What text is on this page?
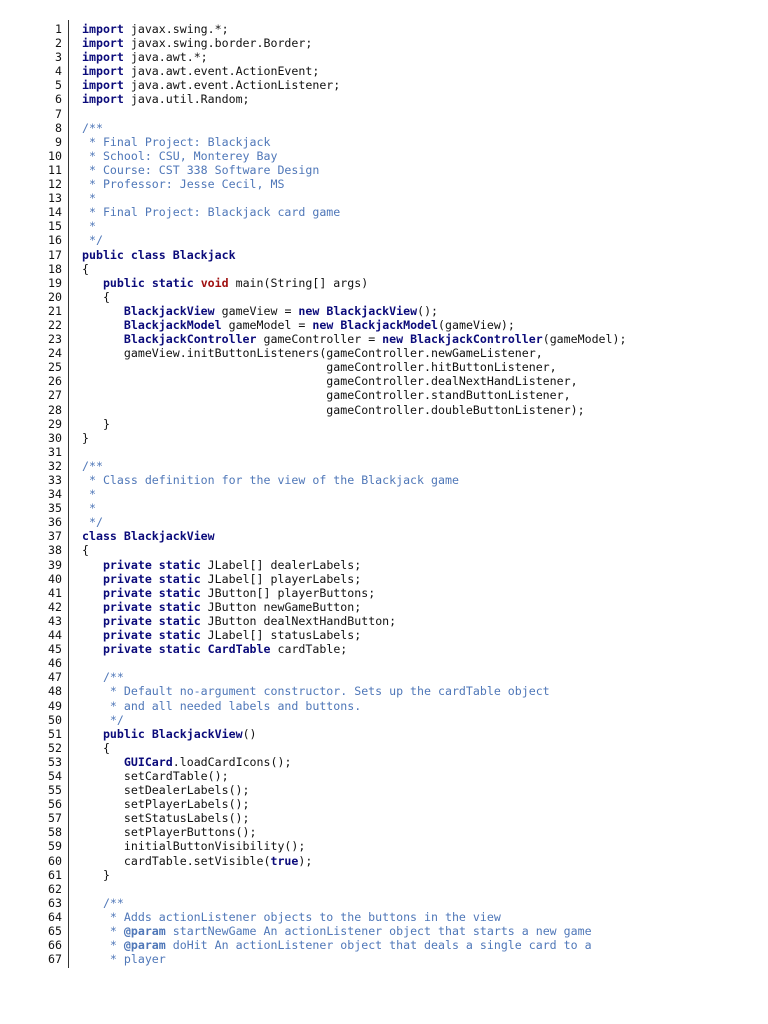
1 import javax.swing.*;
2 import javax.swing.border.Border;
3 import java.awt.*;
4 import java.awt.event.ActionEvent;
5 import java.awt.event.ActionListener;
6 import java.util.Random;
7
8 /**
9 * Final Project: Blackjack
10 * School: CSU, Monterey Bay
11 * Course: CST 338 Software Design
12 * Professor: Jesse Cecil, MS
13 *
14 * Final Project: Blackjack card game
15 *
16 */
17 public class Blackjack
18 {
19	public static void main(String[] args)
20 {
21	BlackjackView gameView = new BlackjackView();
22	BlackjackModel gameModel = new BlackjackModel(gameView);
23	BlackjackController gameController = new BlackjackController(gameModel);
24 gameView.initButtonListeners(gameController.newGameListener,
25 gameController.hitButtonListener,
26 gameController.dealNextHandListener,
27 gameController.standButtonListener,
28 gameController.doubleButtonListener);
29 }
30 }
31
32 /**
33 * Class definition for the view of the Blackjack game
34 *
35 *
36 */
37 class BlackjackView
38 {
39	private static JLabel[] dealerLabels;
40	private static JLabel[] playerLabels;
41	private static JButton[] playerButtons;
42	private static JButton newGameButton;
43	private static JButton dealNextHandButton;
44	private static JLabel[] statusLabels;
45	private static CardTable cardTable;
46
47 /**
48 * Default no-argument constructor. Sets up the cardTable object
49 * and all needed labels and buttons.
50 */
51	public BlackjackView()
52 {
53	GUICard.loadCardIcons();
54 setCardTable();
55 setDealerLabels();
56 setPlayerLabels();
57 setStatusLabels();
58 setPlayerButtons();
59 initialButtonVisibility();
60 cardTable.setVisible(true);
61 }
62
63 /**
64 * Adds actionListener objects to the buttons in the view
65 * @param startNewGame An actionListener object that starts a new game
66 * @param doHit An actionListener object that deals a single card to a
67 * player
